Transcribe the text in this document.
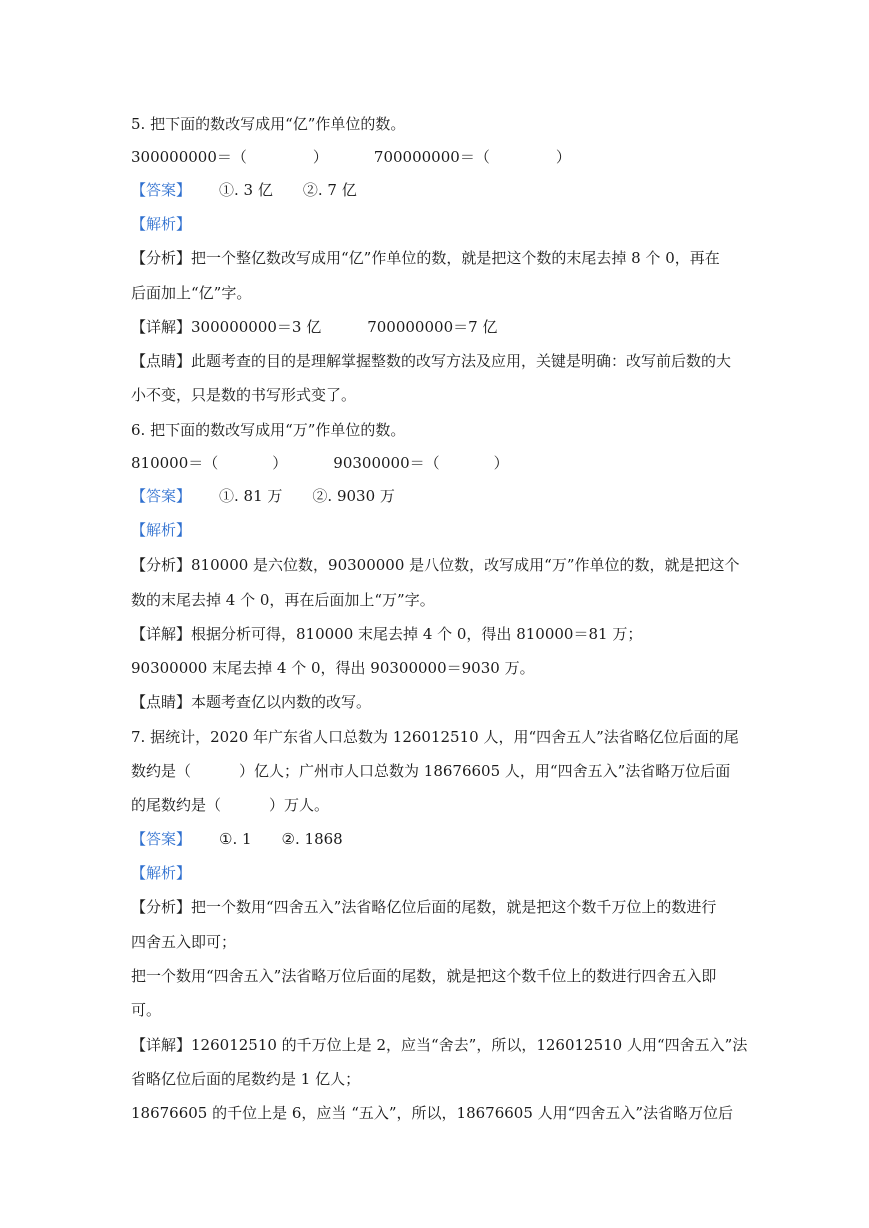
5. 把下面的数改写成用“亿”作单位的数。
300000000＝（	）	700000000＝（	）
【答案】 ①. 3 亿 ②. 7 亿
【解析】
【分析】把一个整亿数改写成用“亿”作单位的数，就是把这个数的末尾去掉 8 个 0，再在
后面加上“亿”字。
【详解】300000000＝3 亿	700000000＝7 亿
【点睛】此题考查的目的是理解掌握整数的改写方法及应用，关键是明确：改写前后数的大
小不变，只是数的书写形式变了。
6. 把下面的数改写成用“万”作单位的数。
810000＝（	）	90300000＝（	）
【答案】 ①. 81 万 ②. 9030 万
【解析】
【分析】810000 是六位数，90300000 是八位数，改写成用“万”作单位的数，就是把这个
数的末尾去掉 4 个 0，再在后面加上“万”字。
【详解】根据分析可得，810000 末尾去掉 4 个 0，得出 810000＝81 万；
90300000 末尾去掉 4 个 0，得出 90300000＝9030 万。
【点睛】本题考查亿以内数的改写。
7. 据统计，2020 年广东省人口总数为 126012510 人，用“四舍五人”法省略亿位后面的尾
数约是（	）亿人；广州市人口总数为 18676605 人，用“四舍五入”法省略万位后面
的尾数约是（	）万人。
【答案】 ①. 1 ②. 1868
【解析】
【分析】把一个数用“四舍五入”法省略亿位后面的尾数，就是把这个数千万位上的数进行
四舍五入即可；
把一个数用“四舍五入”法省略万位后面的尾数，就是把这个数千位上的数进行四舍五入即
可。
【详解】126012510 的千万位上是 2，应当“舍去”，所以，126012510 人用“四舍五入”法
省略亿位后面的尾数约是 1 亿人；
18676605 的千位上是 6，应当 “五入”，所以，18676605 人用“四舍五入”法省略万位后
